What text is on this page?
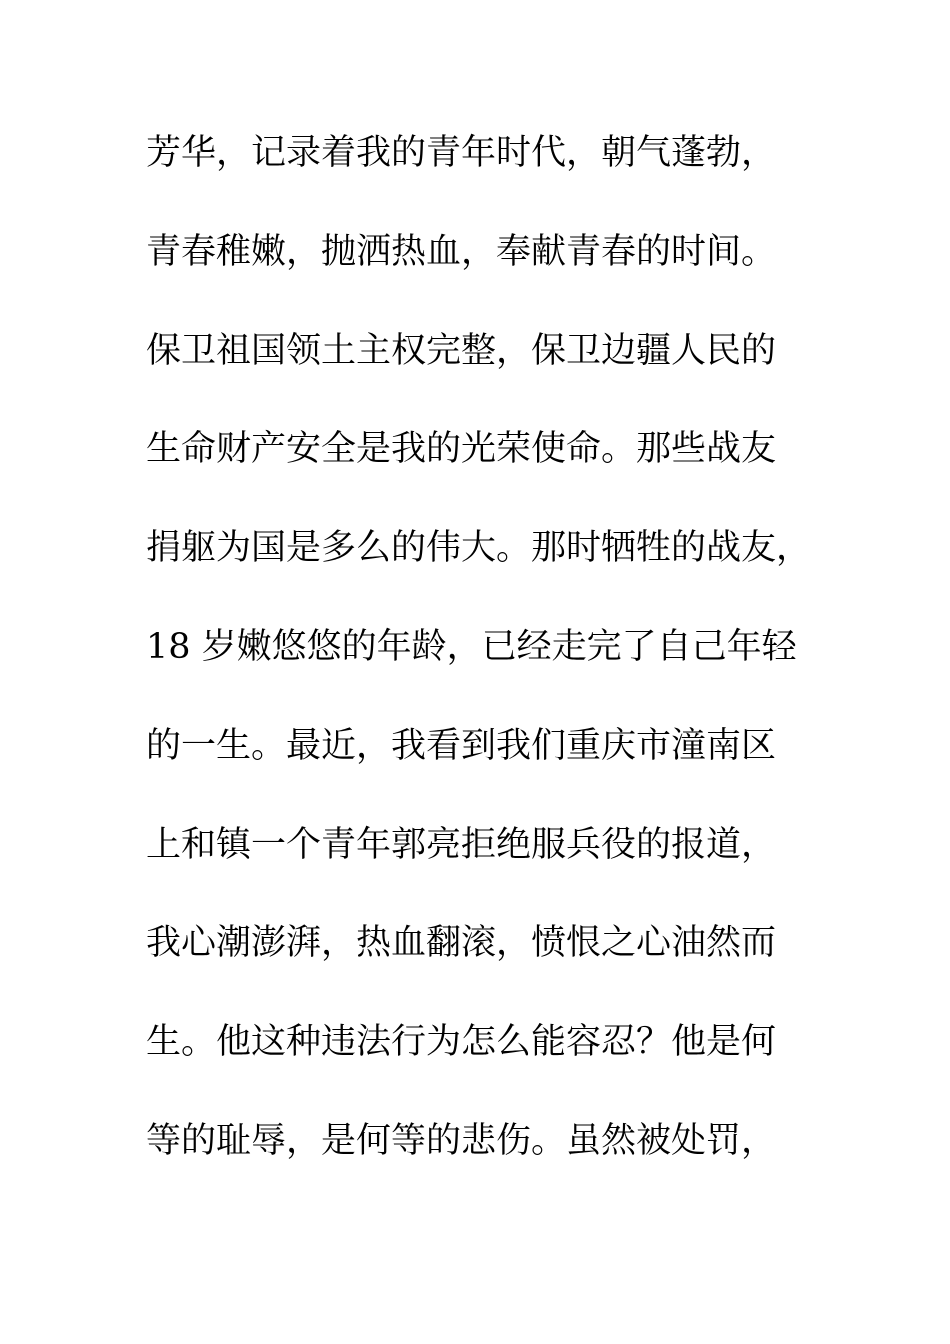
芳华，记录着我的青年时代，朝气蓬勃，
青春稚嫩，抛洒热血，奉献青春的时间。
保卫祖国领土主权完整，保卫边疆人民的
生命财产安全是我的光荣使命。那些战友
捐躯为国是多么的伟大。那时牺牲的战友，
18 岁嫩悠悠的年龄，已经走完了自己年轻
的一生。最近，我看到我们重庆市潼南区
上和镇一个青年郭亮拒绝服兵役的报道，
我心潮澎湃，热血翻滚，愤恨之心油然而
生。他这种违法行为怎么能容忍？他是何
等的耻辱，是何等的悲伤。虽然被处罚，
